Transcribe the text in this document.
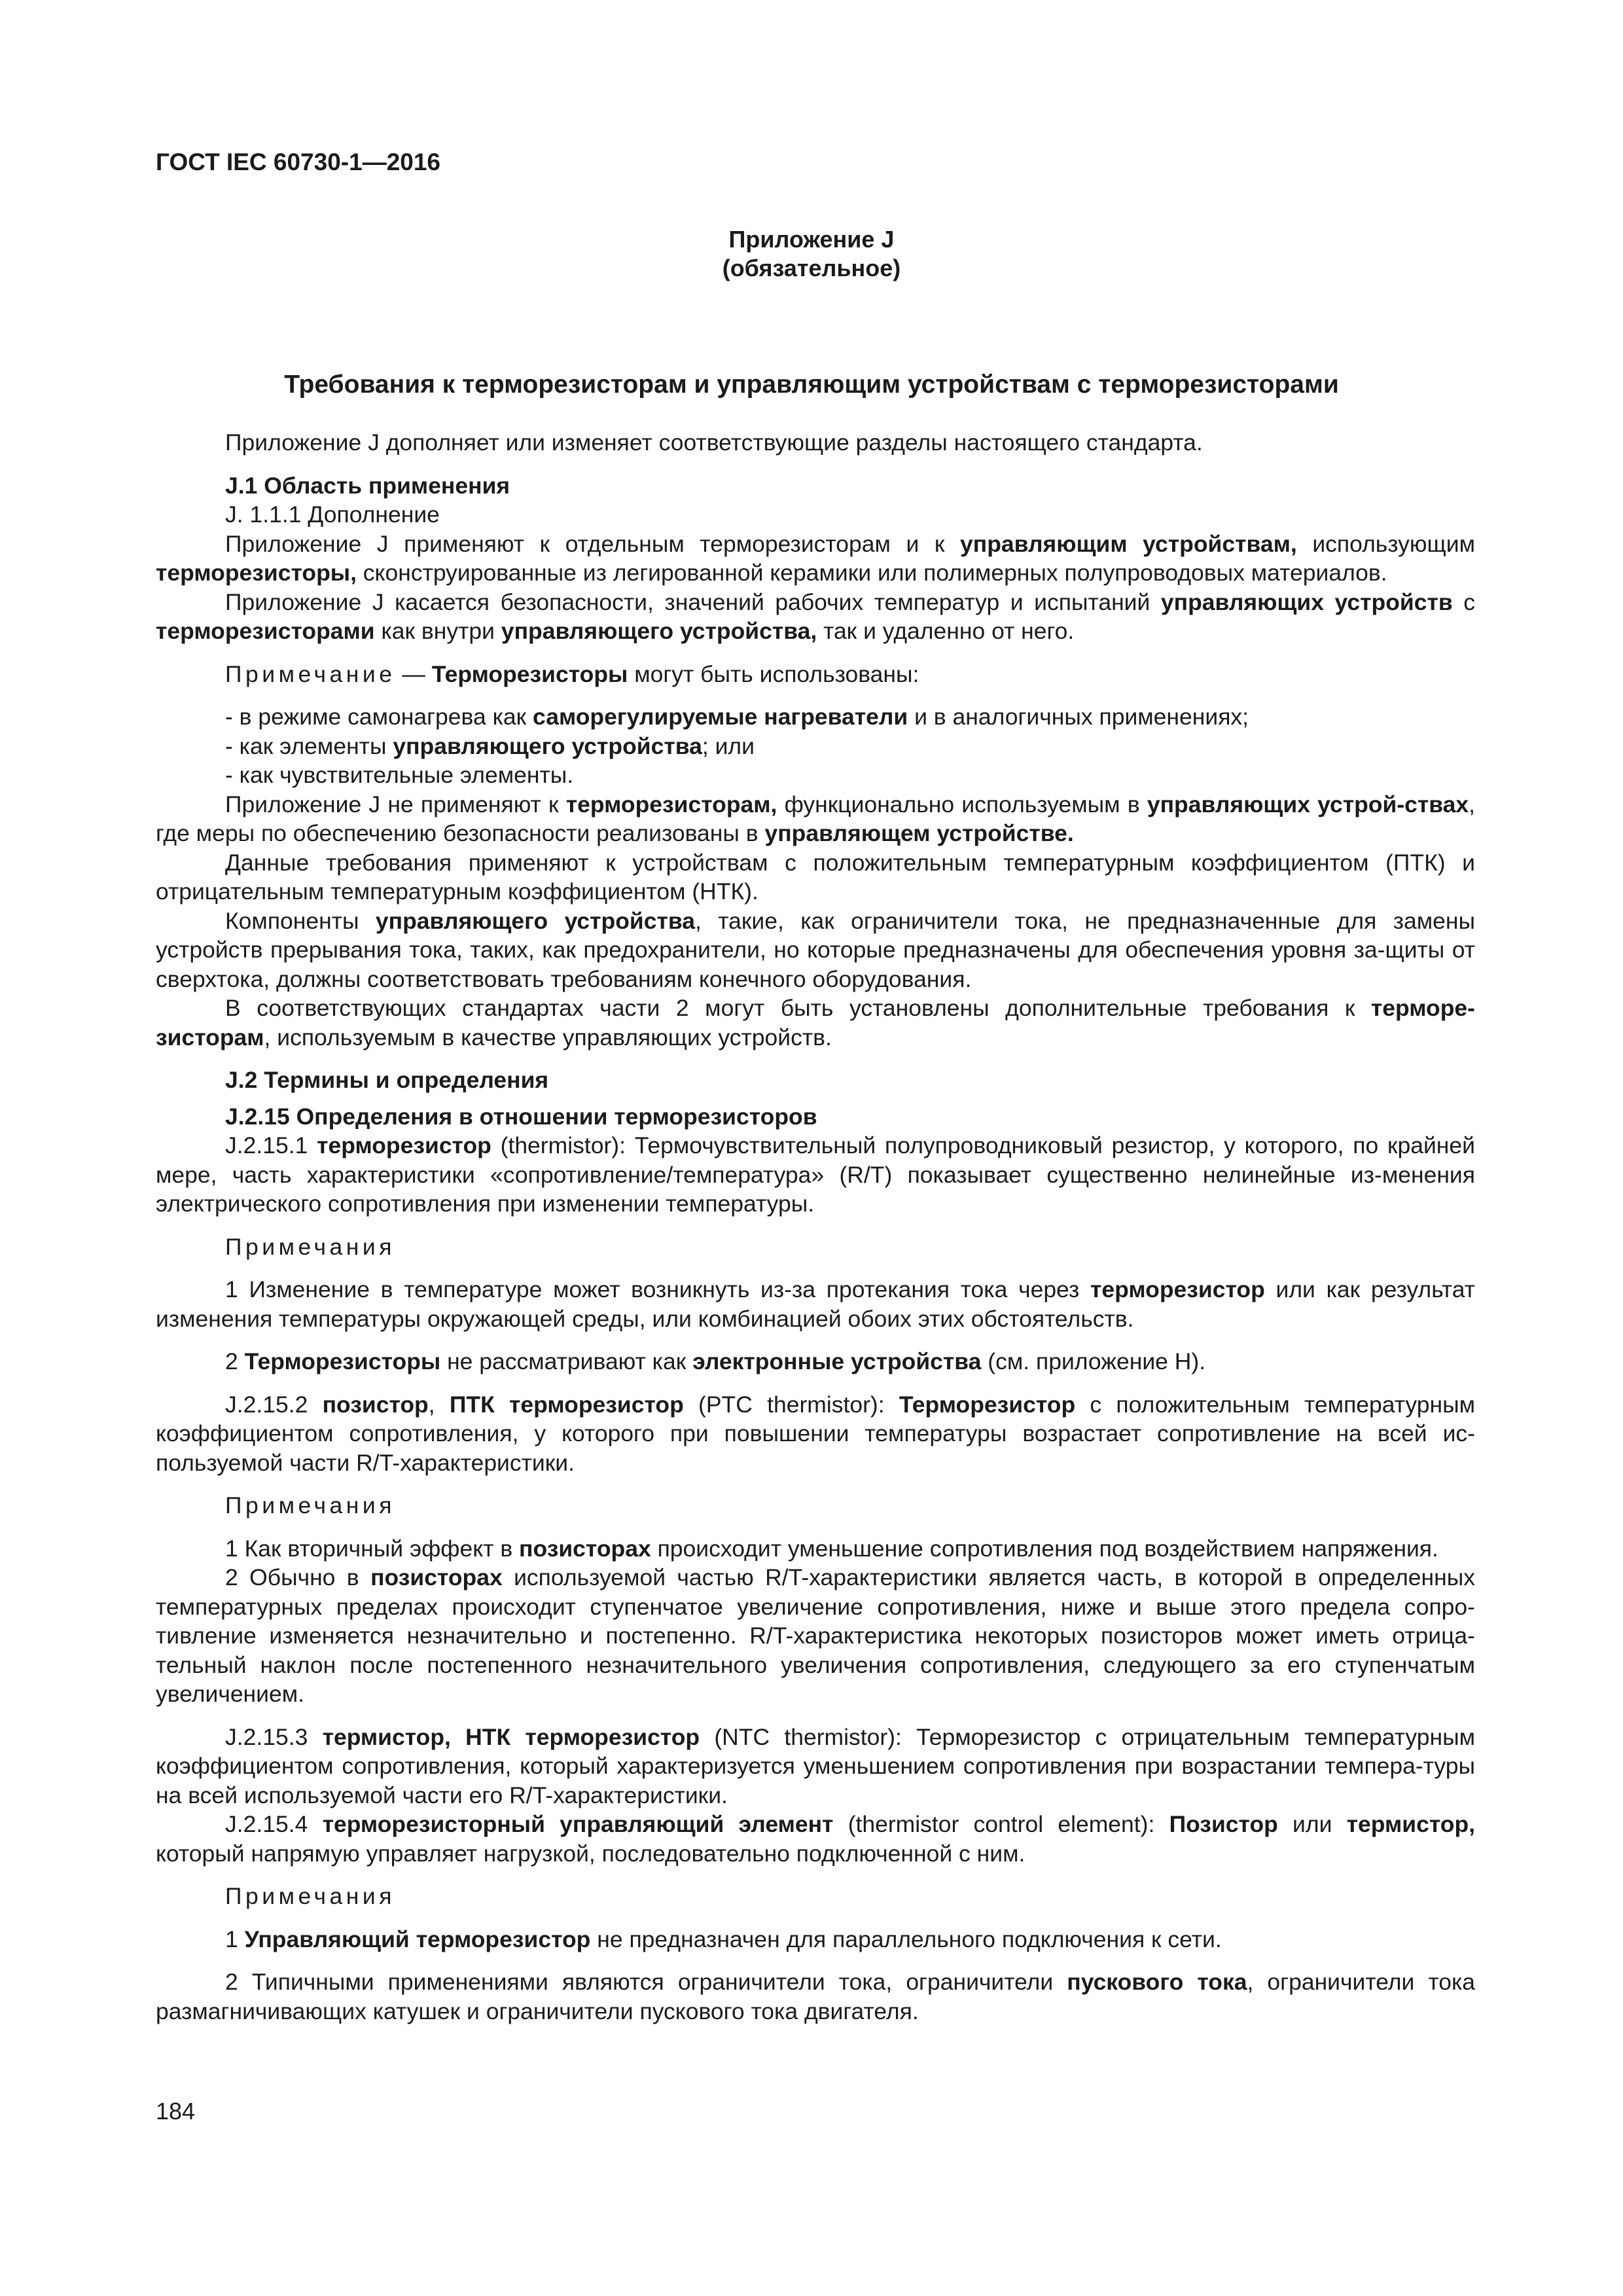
ГОСТ IEC 60730-1—2016
Приложение J
(обязательное)
Требования к терморезисторам и управляющим устройствам с терморезисторами

Приложение J дополняет или изменяет соответствующие разделы настоящего стандарта.

J.1 Область применения

J. 1.1.1 Дополнение

Приложение J применяют к отдельным терморезисторам и к управляющим устройствам, использующим терморезисторы, сконструированные из легированной керамики или полимерных полупроводовых материалов.

Приложение J касается безопасности, значений рабочих температур и испытаний управляющих устройств с терморезисторами как внутри управляющего устройства, так и удаленно от него.

Примечание — Терморезисторы могут быть использованы:

- в режиме самонагрева как саморегулируемые нагреватели и в аналогичных применениях;

- как элементы управляющего устройства; или

- как чувствительные элементы.

Приложение J не применяют к терморезисторам, функционально используемым в управляющих устрой-ствах, где меры по обеспечению безопасности реализованы в управляющем устройстве.

Данные требования применяют к устройствам с положительным температурным коэффициентом (ПТК) и отрицательным температурным коэффициентом (НТК).

Компоненты управляющего устройства, такие, как ограничители тока, не предназначенные для замены устройств прерывания тока, таких, как предохранители, но которые предназначены для обеспечения уровня за-щиты от сверхтока, должны соответствовать требованиям конечного оборудования.

В соответствующих стандартах части 2 могут быть установлены дополнительные требования к терморе-зисторам, используемым в качестве управляющих устройств.

J.2 Термины и определения

J.2.15 Определения в отношении терморезисторов

J.2.15.1 терморезистор (thermistor): Термочувствительный полупроводниковый резистор, у которого, по крайней мере, часть характеристики «сопротивление/температура» (R/T) показывает существенно нелинейные из-менения электрического сопротивления при изменении температуры.

Примечания

1 Изменение в температуре может возникнуть из-за протекания тока через терморезистор или как результат изменения температуры окружающей среды, или комбинацией обоих этих обстоятельств.

2 Терморезисторы не рассматривают как электронные устройства (см. приложение Н).

J.2.15.2 позистор, ПТК терморезистор (PTC thermistor): Терморезистор с положительным температурным коэффициентом сопротивления, у которого при повышении температуры возрастает сопротивление на всей ис-пользуемой части R/T-характеристики.

Примечания

1 Как вторичный эффект в позисторах происходит уменьшение сопротивления под воздействием напряжения.

2 Обычно в позисторах используемой частью R/T-характеристики является часть, в которой в определенных температурных пределах происходит ступенчатое увеличение сопротивления, ниже и выше этого предела сопро-тивление изменяется незначительно и постепенно. R/T-характеристика некоторых позисторов может иметь отрица-тельный наклон после постепенного незначительного увеличения сопротивления, следующего за его ступенчатым увеличением.

J.2.15.3 термистор, НТК терморезистор (NTC thermistor): Терморезистор с отрицательным температурным коэффициентом сопротивления, который характеризуется уменьшением сопротивления при возрастании темпера-туры на всей используемой части его R/T-характеристики.

J.2.15.4 терморезисторный управляющий элемент (thermistor control element): Позистор или термистор, который напрямую управляет нагрузкой, последовательно подключенной с ним.

Примечания

1 Управляющий терморезистор не предназначен для параллельного подключения к сети.

2 Типичными применениями являются ограничители тока, ограничители пускового тока, ограничители тока размагничивающих катушек и ограничители пускового тока двигателя.

184
